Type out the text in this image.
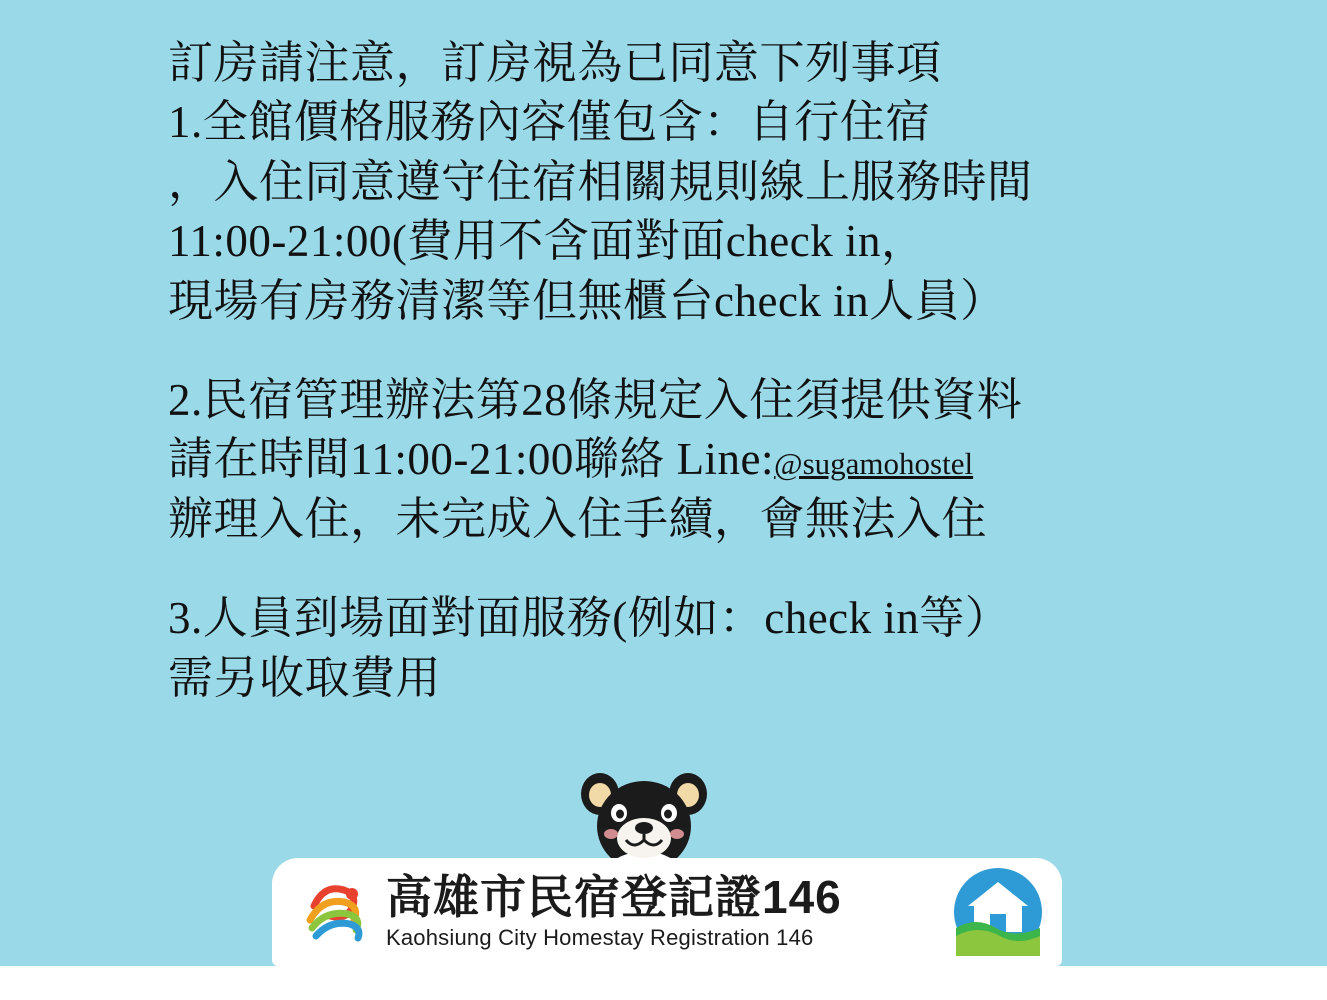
訂房請注意，訂房視為已同意下列事項
1.全館價格服務內容僅包含：自行住宿
，入住同意遵守住宿相關規則線上服務時間
11:00-21:00(費用不含面對面check in，
現場有房務清潔等但無櫃台check in人員）
2.民宿管理辦法第28條規定入住須提供資料
請在時間11:00-21:00聯絡 Line:@sugamohostel
辦理入住，未完成入住手續，會無法入住
3.人員到場面對面服務(例如：check in等）
需另收取費用
高雄市民宿登記證146
Kaohsiung City Homestay Registration 146
